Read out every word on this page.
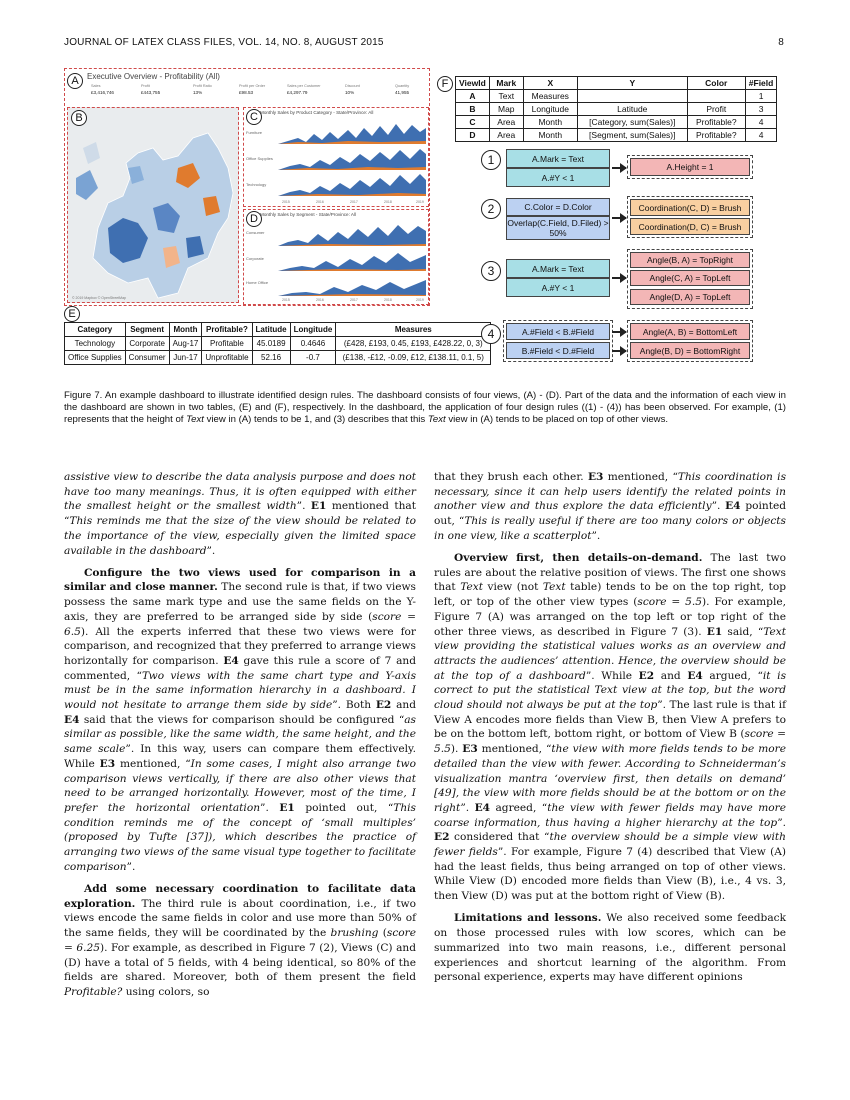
JOURNAL OF LATEX CLASS FILES, VOL. 14, NO. 8, AUGUST 2015	8
A	Executive Overview - Profitability (All)
Sales
£3,416,746
Profit
£443,755
Profit Ratio
13%
Profit per Order
£98.53
Sales per Customer
£4,297.79
Discount
10%
Quantity
41,955
B
© 2019 Mapbox © OpenStreetMap
C Monthly Sales by Product Category - State/Province: All
Furniture
Office Supplies
Technology
2015	2016	2017	2018	2019
D Monthly Sales by Segment - State/Province: All
Consumer
Corporate
Home Office
2015	2016	2017	2018	2019
E
Category	Segment	Month	Profitable?	Latitude	Longitude	Measures
Technology	Corporate	Aug-17	Profitable	45.0189	0.4646	(£428, £193, 0.45, £193, £428.22, 0, 3)
Office Supplies	Consumer	Jun-17	Unprofitable	52.16	-0.7	(£138, -£12, -0.09, £12, £138.11, 0.1, 5)
F	ViewId	Mark	X	Y	Color	#Field
A	Text	Measures			1
B	Map	Longitude	Latitude	Profit	3
C	Area	Month	[Category, sum(Sales)]	Profitable?	4
D	Area	Month	[Segment, sum(Sales)]	Profitable?	4
1	A.Mark = Text
A.#Y < 1
A.Height = 1
2	C.Color = D.Color
Overlap(C.Field, D.Filed) > 50%
Coordination(C, D) = Brush
Coordination(D, C) = Brush
3	A.Mark = Text
A.#Y < 1
Angle(B, A) = TopRight
Angle(C, A) = TopLeft
Angle(D, A) = TopLeft
4	A.#Field < B.#Field
B.#Field < D.#Field
Angle(A, B) = BottomLeft
Angle(B, D) = BottomRight
Figure 7. An example dashboard to illustrate identified design rules. The dashboard consists of four views, (A) - (D). Part of the data and the information of each view in the dashboard are shown in two tables, (E) and (F), respectively. In the dashboard, the application of four design rules ((1) - (4)) has been observed. For example, (1) represents that the height of Text view in (A) tends to be 1, and (3) describes that this Text view in (A) tends to be placed on top of other views.

assistive view to describe the data analysis purpose and does not have too many meanings. Thus, it is often equipped with either the smallest height or the smallest width”. E1 mentioned that “This reminds me that the size of the view should be related to the importance of the view, especially given the limited space available in the dashboard”.

Configure the two views used for comparison in a similar and close manner. The second rule is that, if two views possess the same mark type and use the same fields on the Y-axis, they are preferred to be arranged side by side (score = 6.5). All the experts inferred that these two views were for comparison, and recognized that they preferred to arrange views horizontally for comparison. E4 gave this rule a score of 7 and commented, “Two views with the same chart type and Y-axis must be in the same information hierarchy in a dashboard. I would not hesitate to arrange them side by side”. Both E2 and E4 said that the views for comparison should be configured “as similar as possible, like the same width, the same height, and the same scale”. In this way, users can compare them effectively. While E3 mentioned, “In some cases, I might also arrange two comparison views vertically, if there are also other views that need to be arranged horizontally. However, most of the time, I prefer the horizontal orientation”. E1 pointed out, “This condition reminds me of the concept of ‘small multiples’ (proposed by Tufte [37]), which describes the practice of arranging two views of the same visual type together to facilitate comparison”.

Add some necessary coordination to facilitate data exploration. The third rule is about coordination, i.e., if two views encode the same fields in color and use more than 50% of the same fields, they will be coordinated by the brushing (score = 6.25). For example, as described in Figure 7 (2), Views (C) and (D) have a total of 5 fields, with 4 being identical, so 80% of the fields are shared. Moreover, both of them present the field Profitable? using colors, so

that they brush each other. E3 mentioned, “This coordination is necessary, since it can help users identify the related points in another view and thus explore the data efficiently”. E4 pointed out, “This is really useful if there are too many colors or objects in one view, like a scatterplot”.

Overview first, then details-on-demand. The last two rules are about the relative position of views. The first one shows that Text view (not Text table) tends to be on the top right, top left, or top of the other view types (score = 5.5). For example, Figure 7 (A) was arranged on the top left or top right of the other three views, as described in Figure 7 (3). E1 said, “Text view providing the statistical values works as an overview and attracts the audiences’ attention. Hence, the overview should be at the top of a dashboard”. While E2 and E4 argued, “it is correct to put the statistical Text view at the top, but the word cloud should not always be put at the top”. The last rule is that if View A encodes more fields than View B, then View A prefers to be on the bottom left, bottom right, or bottom of View B (score = 5.5). E3 mentioned, “the view with more fields tends to be more detailed than the view with fewer. According to Schneiderman’s visualization mantra ‘overview first, then details on demand’ [49], the view with more fields should be at the bottom or on the right”. E4 agreed, “the view with fewer fields may have more coarse information, thus having a higher hierarchy at the top”. E2 considered that “the overview should be a simple view with fewer fields”. For example, Figure 7 (4) described that View (A) had the least fields, thus being arranged on top of other views. While View (D) encoded more fields than View (B), i.e., 4 vs. 3, then View (D) was put at the bottom right of View (B).

Limitations and lessons. We also received some feedback on those processed rules with low scores, which can be summarized into two main reasons, i.e., different personal experiences and shortcut learning of the algorithm. From personal experience, experts may have different opinions
